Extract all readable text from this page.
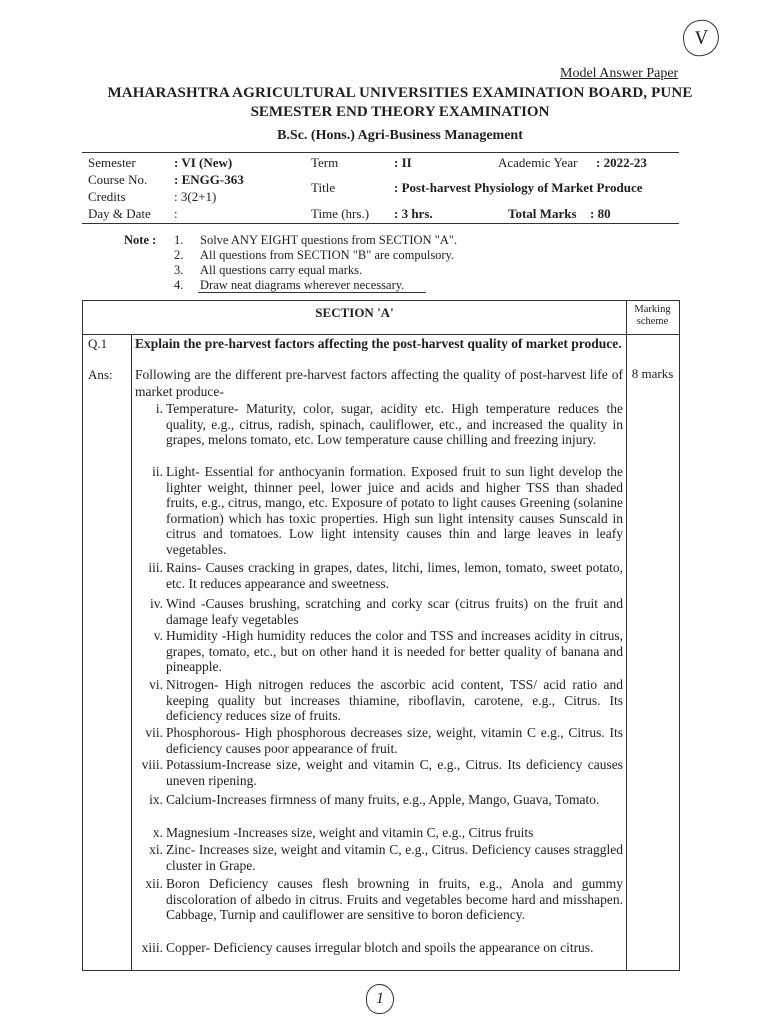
V
Model Answer Paper
MAHARASHTRA AGRICULTURAL UNIVERSITIES EXAMINATION BOARD, PUNE
SEMESTER END THEORY EXAMINATION
B.Sc. (Hons.) Agri-Business Management
Semester	: VI (New)	Term	: II	Academic Year : 2022-23
Course No. : ENGG-363
Title	: Post-harvest Physiology of Market Produce
Credits	: 3(2+1)
Day & Date :	Time (hrs.) : 3 hrs.	Total Marks : 80
Note : 1. Solve ANY EIGHT questions from SECTION "A".
2. All questions from SECTION "B" are compulsory.
3. All questions carry equal marks.
4. Draw neat diagrams wherever necessary.
SECTION 'A'	Marking scheme
Q.1 Explain the pre-harvest factors affecting the post-harvest quality of market produce.
Ans: Following are the different pre-harvest factors affecting the quality of post-harvest life of market produce-
8 marks
i. Temperature- Maturity, color, sugar, acidity etc. High temperature reduces the quality, e.g., citrus, radish, spinach, cauliflower, etc., and increased the quality in grapes, melons tomato, etc. Low temperature cause chilling and freezing injury.
ii. Light- Essential for anthocyanin formation. Exposed fruit to sun light develop the lighter weight, thinner peel, lower juice and acids and higher TSS than shaded fruits, e.g., citrus, mango, etc. Exposure of potato to light causes Greening (solanine formation) which has toxic properties. High sun light intensity causes Sunscald in citrus and tomatoes. Low light intensity causes thin and large leaves in leafy vegetables.
iii. Rains- Causes cracking in grapes, dates, litchi, limes, lemon, tomato, sweet potato, etc. It reduces appearance and sweetness.
iv. Wind -Causes brushing, scratching and corky scar (citrus fruits) on the fruit and damage leafy vegetables
v. Humidity -High humidity reduces the color and TSS and increases acidity in citrus, grapes, tomato, etc., but on other hand it is needed for better quality of banana and pineapple.
vi. Nitrogen- High nitrogen reduces the ascorbic acid content, TSS/ acid ratio and keeping quality but increases thiamine, riboflavin, carotene, e.g., Citrus. Its deficiency reduces size of fruits.
vii. Phosphorous- High phosphorous decreases size, weight, vitamin C e.g., Citrus. Its deficiency causes poor appearance of fruit.
viii. Potassium-Increase size, weight and vitamin C, e.g., Citrus. Its deficiency causes uneven ripening.
ix. Calcium-Increases firmness of many fruits, e.g., Apple, Mango, Guava, Tomato.
x. Magnesium -Increases size, weight and vitamin C, e.g., Citrus fruits
xi. Zinc- Increases size, weight and vitamin C, e.g., Citrus. Deficiency causes straggled cluster in Grape.
xii. Boron Deficiency causes flesh browning in fruits, e.g., Anola and gummy discoloration of albedo in citrus. Fruits and vegetables become hard and misshapen. Cabbage, Turnip and cauliflower are sensitive to boron deficiency.
xiii. Copper- Deficiency causes irregular blotch and spoils the appearance on citrus.
1
